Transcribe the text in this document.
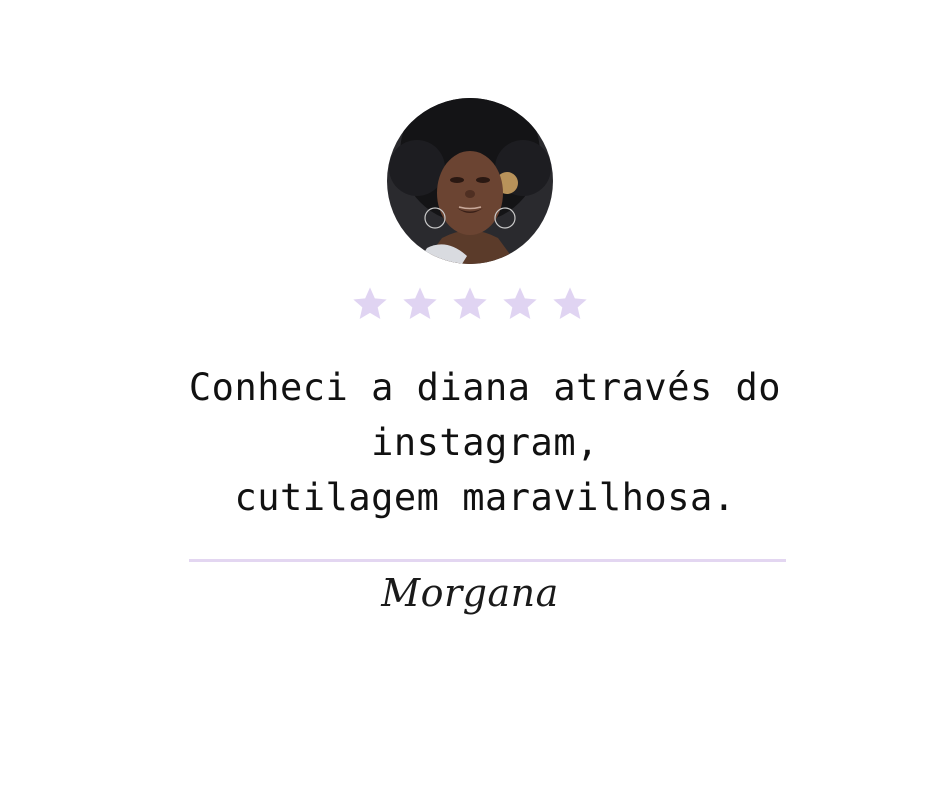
Conheci a diana através do
instagram,
cutilagem maravilhosa.
Morgana
